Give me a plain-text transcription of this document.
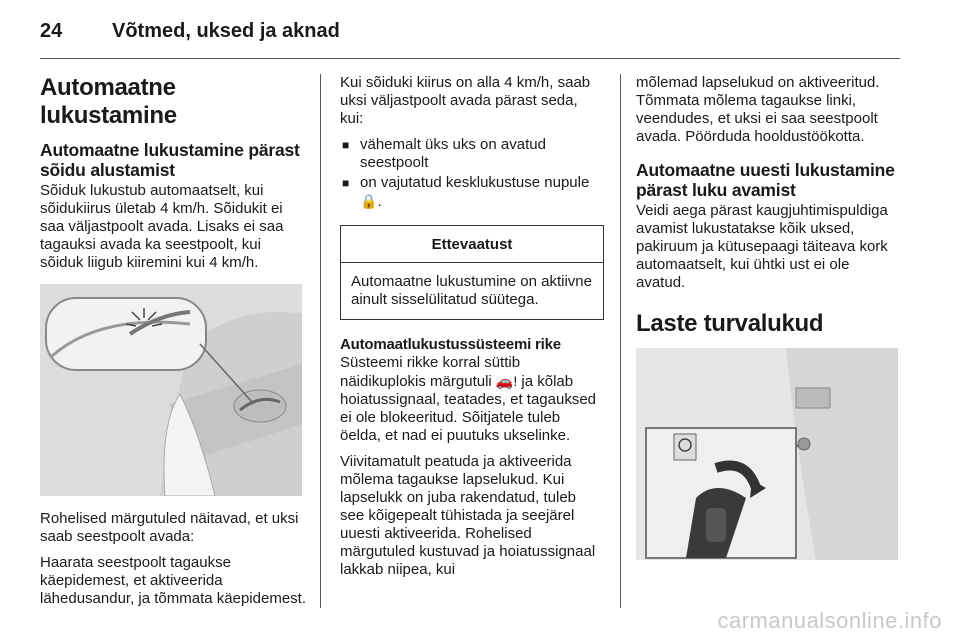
24 Võtmed, uksed ja aknad
Automaatne lukustamine
Automaatne lukustamine pärast sõidu alustamist

Sõiduk lukustub automaatselt, kui sõidukiirus ületab 4 km/h. Sõidukit ei saa väljastpoolt avada. Lisaks ei saa tagauksi avada ka seestpoolt, kui sõiduk liigub kiiremini kui 4 km/h.

Rohelised märgutuled näitavad, et uksi saab seestpoolt avada:

Haarata seestpoolt tagaukse käepidemest, et aktiveerida lähedusandur, ja tõmmata käepidemest.

Kui sõiduki kiirus on alla 4 km/h, saab uksi väljastpoolt avada pärast seda, kui:

■ vähemalt üks uks on avatud seestpoolt
■ on vajutatud kesklukustuse nupule
🔒.
Ettevaatust
Automaatne lukustumine on aktiivne ainult sisselülitatud süütega.
Automaatlukustussüsteemi rike

Süsteemi rikke korral süttib näidikuplokis märgutuli 🚗! ja kõlab hoiatussignaal, teatades, et tagauksed ei ole blokeeritud. Sõitjatele tuleb öelda, et nad ei puutuks ukselinke.

Viivitamatult peatuda ja aktiveerida mõlema tagaukse lapselukud. Kui lapselukk on juba rakendatud, tuleb see kõigepealt tühistada ja seejärel uuesti aktiveerida. Rohelised märgutuled kustuvad ja hoiatussignaal lakkab niipea, kui

mõlemad lapselukud on aktiveeritud. Tõmmata mõlema tagaukse linki, veendudes, et uksi ei saa seestpoolt avada. Pöörduda hooldustöökotta.

Automaatne uuesti lukustamine pärast luku avamist

Veidi aega pärast kaugjuhtimispuldiga avamist lukustatakse kõik uksed, pakiruum ja kütusepaagi täiteava kork automaatselt, kui ühtki ust ei ole avatud.

Laste turvalukud
carmanualsonline.info
